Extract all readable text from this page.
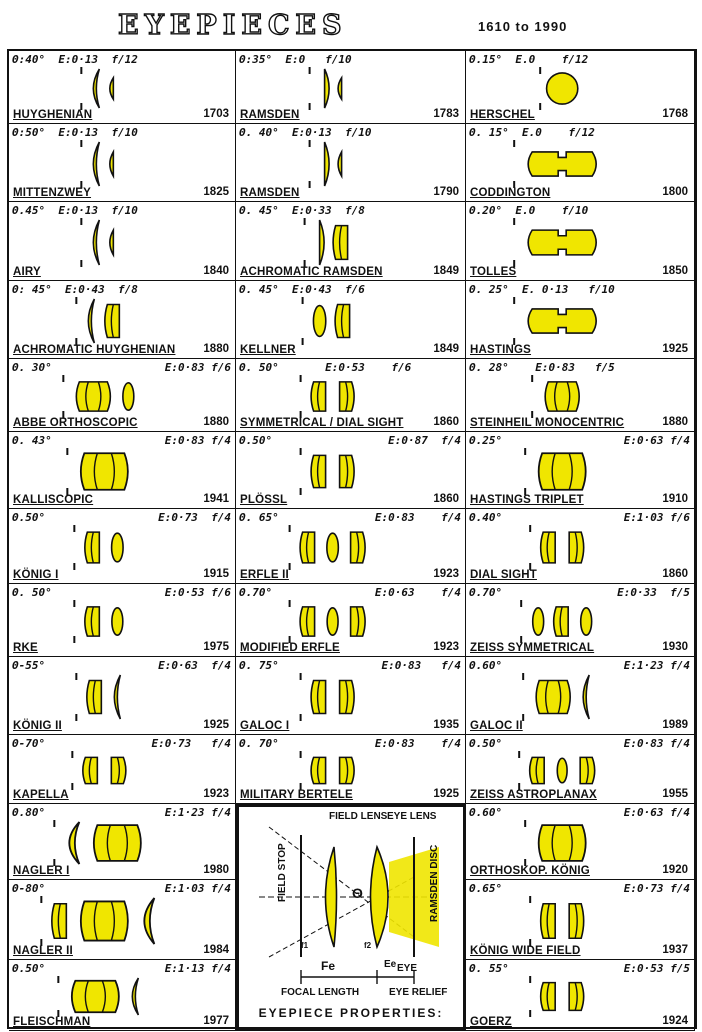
EYEPIECES	1610 to 1990
Θ:40°  E:0·13  f/12
HUYGHENIAN	1703
Θ:35°  E:0   f/10
RAMSDEN	1783
Θ.15°  E.0    f/12
HERSCHEL	1768
Θ:50°  E:0·13  f/10
MITTENZWEY	1825
Θ. 40°  E:0·13  f/10
RAMSDEN	1790
Θ. 15°  E.0    f/12
CODDINGTON	1800
Θ.45°  E:0·13  f/10
AIRY	1840
Θ. 45°  E:0·33  f/8
ACHROMATIC RAMSDEN	1849
Θ.20°  E.0    f/10
TOLLES	1850
Θ: 45°  E:0·43  f/8
ACHROMATIC HUYGHENIAN 1880
Θ. 45°  E:0·43  f/6
KELLNER	1849
Θ. 25°  E. 0·13   f/10
HASTINGS	1925
Θ. 30°	E:0·83 f/6
ABBE ORTHOSCOPIC	1880
Θ. 50°       E:0·53    f/6
SYMMETRICAL / DIAL SIGHT	1860
Θ. 28°    E:0·83   f/5
STEINHEIL MONOCENTRIC	1880
Θ. 43°	E:0·83 f/4
KALLISCOPIC	1941
Θ.50°	E:0·87  f/4
PLÖSSL	1860
Θ.25°	E:0·63 f/4
HASTINGS TRIPLET	1910
Θ.50°	E:0·73  f/4
KÖNIG I	1915
Θ. 65°	E:0·83    f/4
ERFLE II	1923
Θ.40°	E:1·03 f/6
DIAL SIGHT	1860
Θ. 50°	E:0·53 f/6
RKE	1975
Θ.70°	E:0·63    f/4
MODIFIED ERFLE	1923
Θ.70°	E:0·33  f/5
ZEISS SYMMETRICAL	1930
Θ-55°	E:0·63  f/4
KÖNIG II	1925
Θ. 75°	E:0·83   f/4
GALOC I	1935
Θ.60°	E:1·23 f/4
GALOC II	1989
Θ-70°	E:0·73   f/4
KAPELLA	1923
Θ. 70°	E:0·83    f/4
MILITARY BERTELE	1925
Θ.50°	E:0·83 f/4
ZEISS ASTROPLANAX	1955
Θ.80°	E:1·23 f/4
NAGLER I	1980
Θ.60°	E:0·63 f/4
ORTHOSKOP. KÖNIG	1920
Θ-80°	E:1·03 f/4
NAGLER II	1984
Θ.65°	E:0·73 f/4
KÖNIG WIDE FIELD	1937
Θ.50°	E:1·13 f/4
FLEISCHMAN	1977
Θ. 55°	E:0·53 f/5
GOERZ	1924
FIELD LENS EYE LENS
FIELD STOP	RAMSDEN DISC
Θ
Fe	Ee
f1	f2
FOCAL LENGTH
EYE
EYE RELIEF
EYEPIECE PROPERTIES:
